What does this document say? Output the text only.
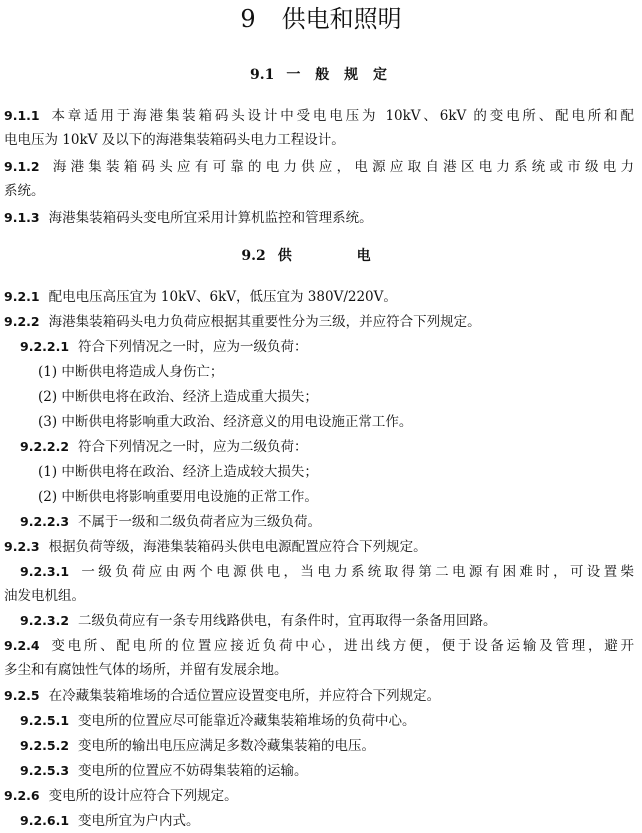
9 供电和照明
9.1 一 般 规 定
9.1.1 本章适用于海港集装箱码头设计中受电电压为 10kV、6kV 的变电所、配电所和配
电电压为 10kV 及以下的海港集装箱码头电力工程设计。
9.1.2 海港集装箱码头应有可靠的电力供应，电源应取自港区电力系统或市级电力
系统。
9.1.3 海港集装箱码头变电所宜采用计算机监控和管理系统。
9.2 供 电
9.2.1 配电电压高压宜为 10kV、6kV，低压宜为 380V/220V。
9.2.2 海港集装箱码头电力负荷应根据其重要性分为三级，并应符合下列规定。
9.2.2.1 符合下列情况之一时，应为一级负荷：
(1) 中断供电将造成人身伤亡；
(2) 中断供电将在政治、经济上造成重大损失；
(3) 中断供电将影响重大政治、经济意义的用电设施正常工作。
9.2.2.2 符合下列情况之一时，应为二级负荷：
(1) 中断供电将在政治、经济上造成较大损失；
(2) 中断供电将影响重要用电设施的正常工作。
9.2.2.3 不属于一级和二级负荷者应为三级负荷。
9.2.3 根据负荷等级，海港集装箱码头供电电源配置应符合下列规定。
9.2.3.1 一级负荷应由两个电源供电，当电力系统取得第二电源有困难时，可设置柴
油发电机组。
9.2.3.2 二级负荷应有一条专用线路供电，有条件时，宜再取得一条备用回路。
9.2.4 变电所、配电所的位置应接近负荷中心，进出线方便，便于设备运输及管理，避开
多尘和有腐蚀性气体的场所，并留有发展余地。
9.2.5 在冷藏集装箱堆场的合适位置应设置变电所，并应符合下列规定。
9.2.5.1 变电所的位置应尽可能靠近冷藏集装箱堆场的负荷中心。
9.2.5.2 变电所的输出电压应满足多数冷藏集装箱的电压。
9.2.5.3 变电所的位置应不妨碍集装箱的运输。
9.2.6 变电所的设计应符合下列规定。
9.2.6.1 变电所宜为户内式。
